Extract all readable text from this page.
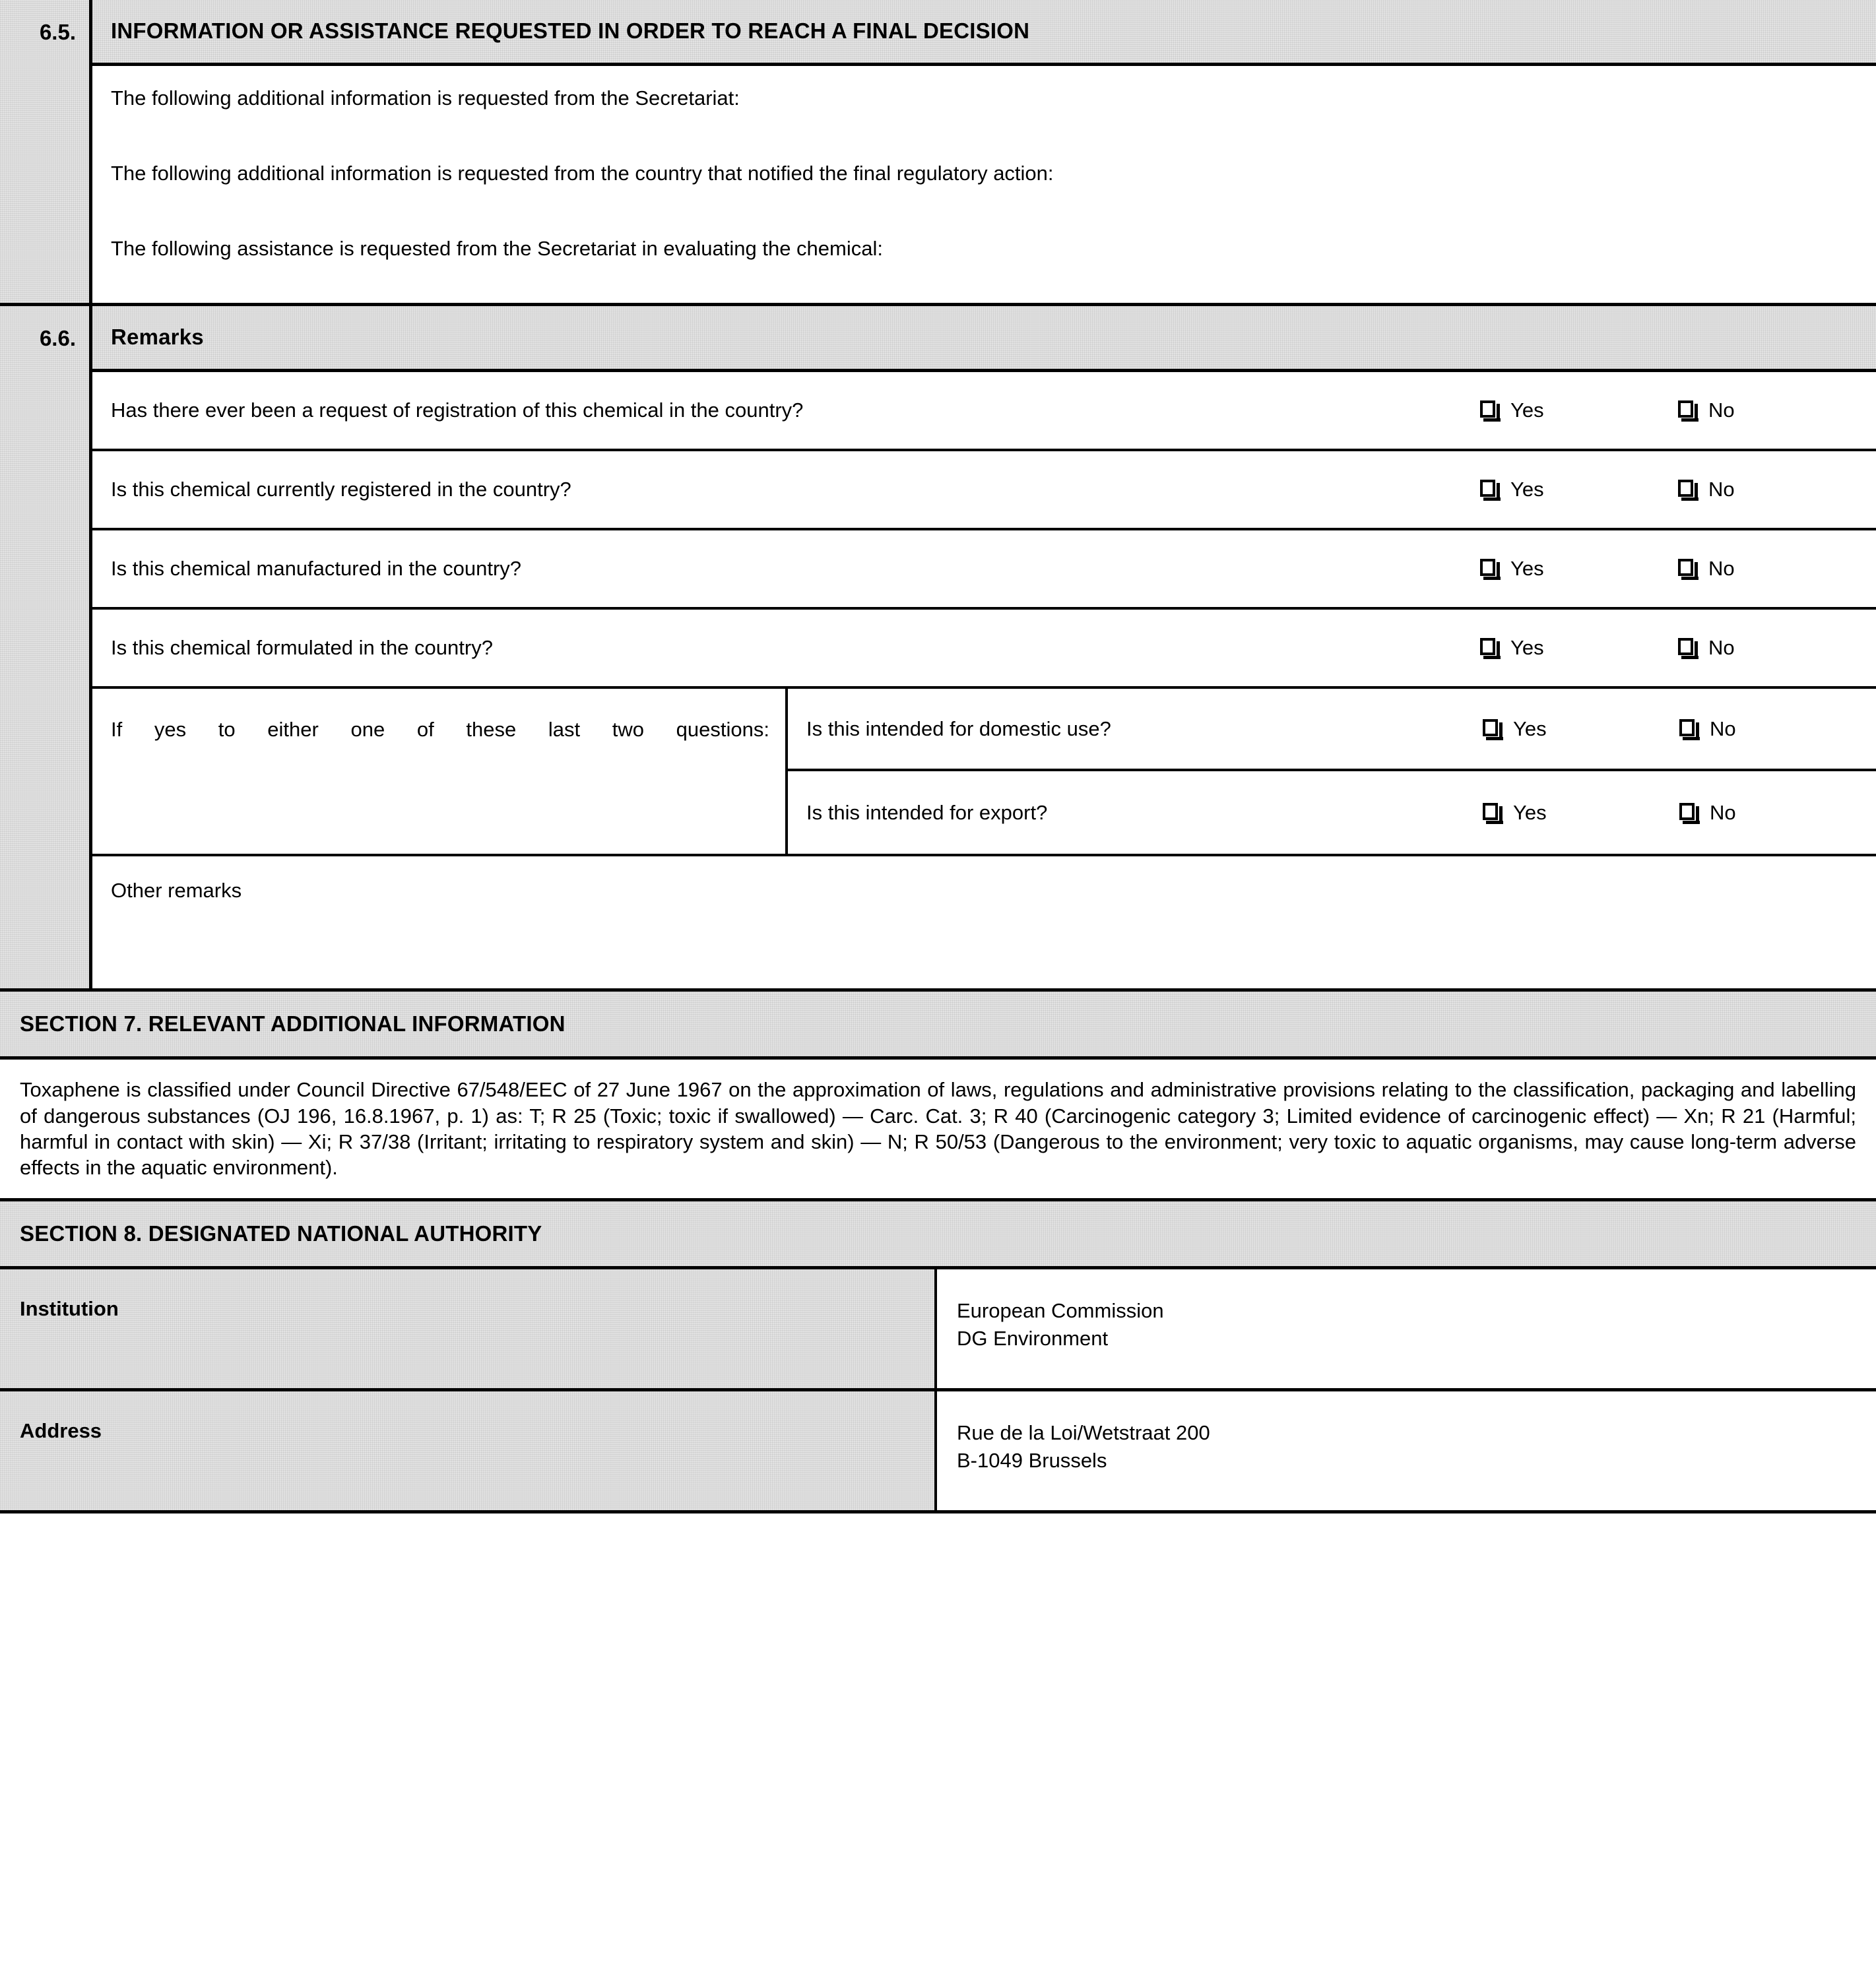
6.5.	INFORMATION OR ASSISTANCE REQUESTED IN ORDER TO REACH A FINAL DECISION

The following additional information is requested from the Secretariat:

The following additional information is requested from the country that notified the final regulatory action:

The following assistance is requested from the Secretariat in evaluating the chemical:

6.6.	Remarks
Has there ever been a request of registration of this chemical in the country?	Yes	No
Is this chemical currently registered in the country?	Yes	No
Is this chemical manufactured in the country?	Yes	No
Is this chemical formulated in the country?	Yes	No
If yes to either one of these last two questions:	Is this intended for domestic use?	Yes	No
Is this intended for export?	Yes	No
Other remarks
SECTION 7. RELEVANT ADDITIONAL INFORMATION
Toxaphene is classified under Council Directive 67/548/EEC of 27 June 1967 on the approximation of laws, regulations and administrative provisions relating to the classification, packaging and labelling of dangerous substances (OJ 196, 16.8.1967, p. 1) as: T; R 25 (Toxic; toxic if swallowed) — Carc. Cat. 3; R 40 (Carcinogenic category 3; Limited evidence of carcinogenic effect) — Xn; R 21 (Harmful; harmful in contact with skin) — Xi; R 37/38 (Irritant; irritating to respiratory system and skin) — N; R 50/53 (Dangerous to the environment; very toxic to aquatic organisms, may cause long-term adverse effects in the aquatic environment).
SECTION 8. DESIGNATED NATIONAL AUTHORITY
Institution	European Commission
DG Environment
Address	Rue de la Loi/Wetstraat 200
B-1049 Brussels
